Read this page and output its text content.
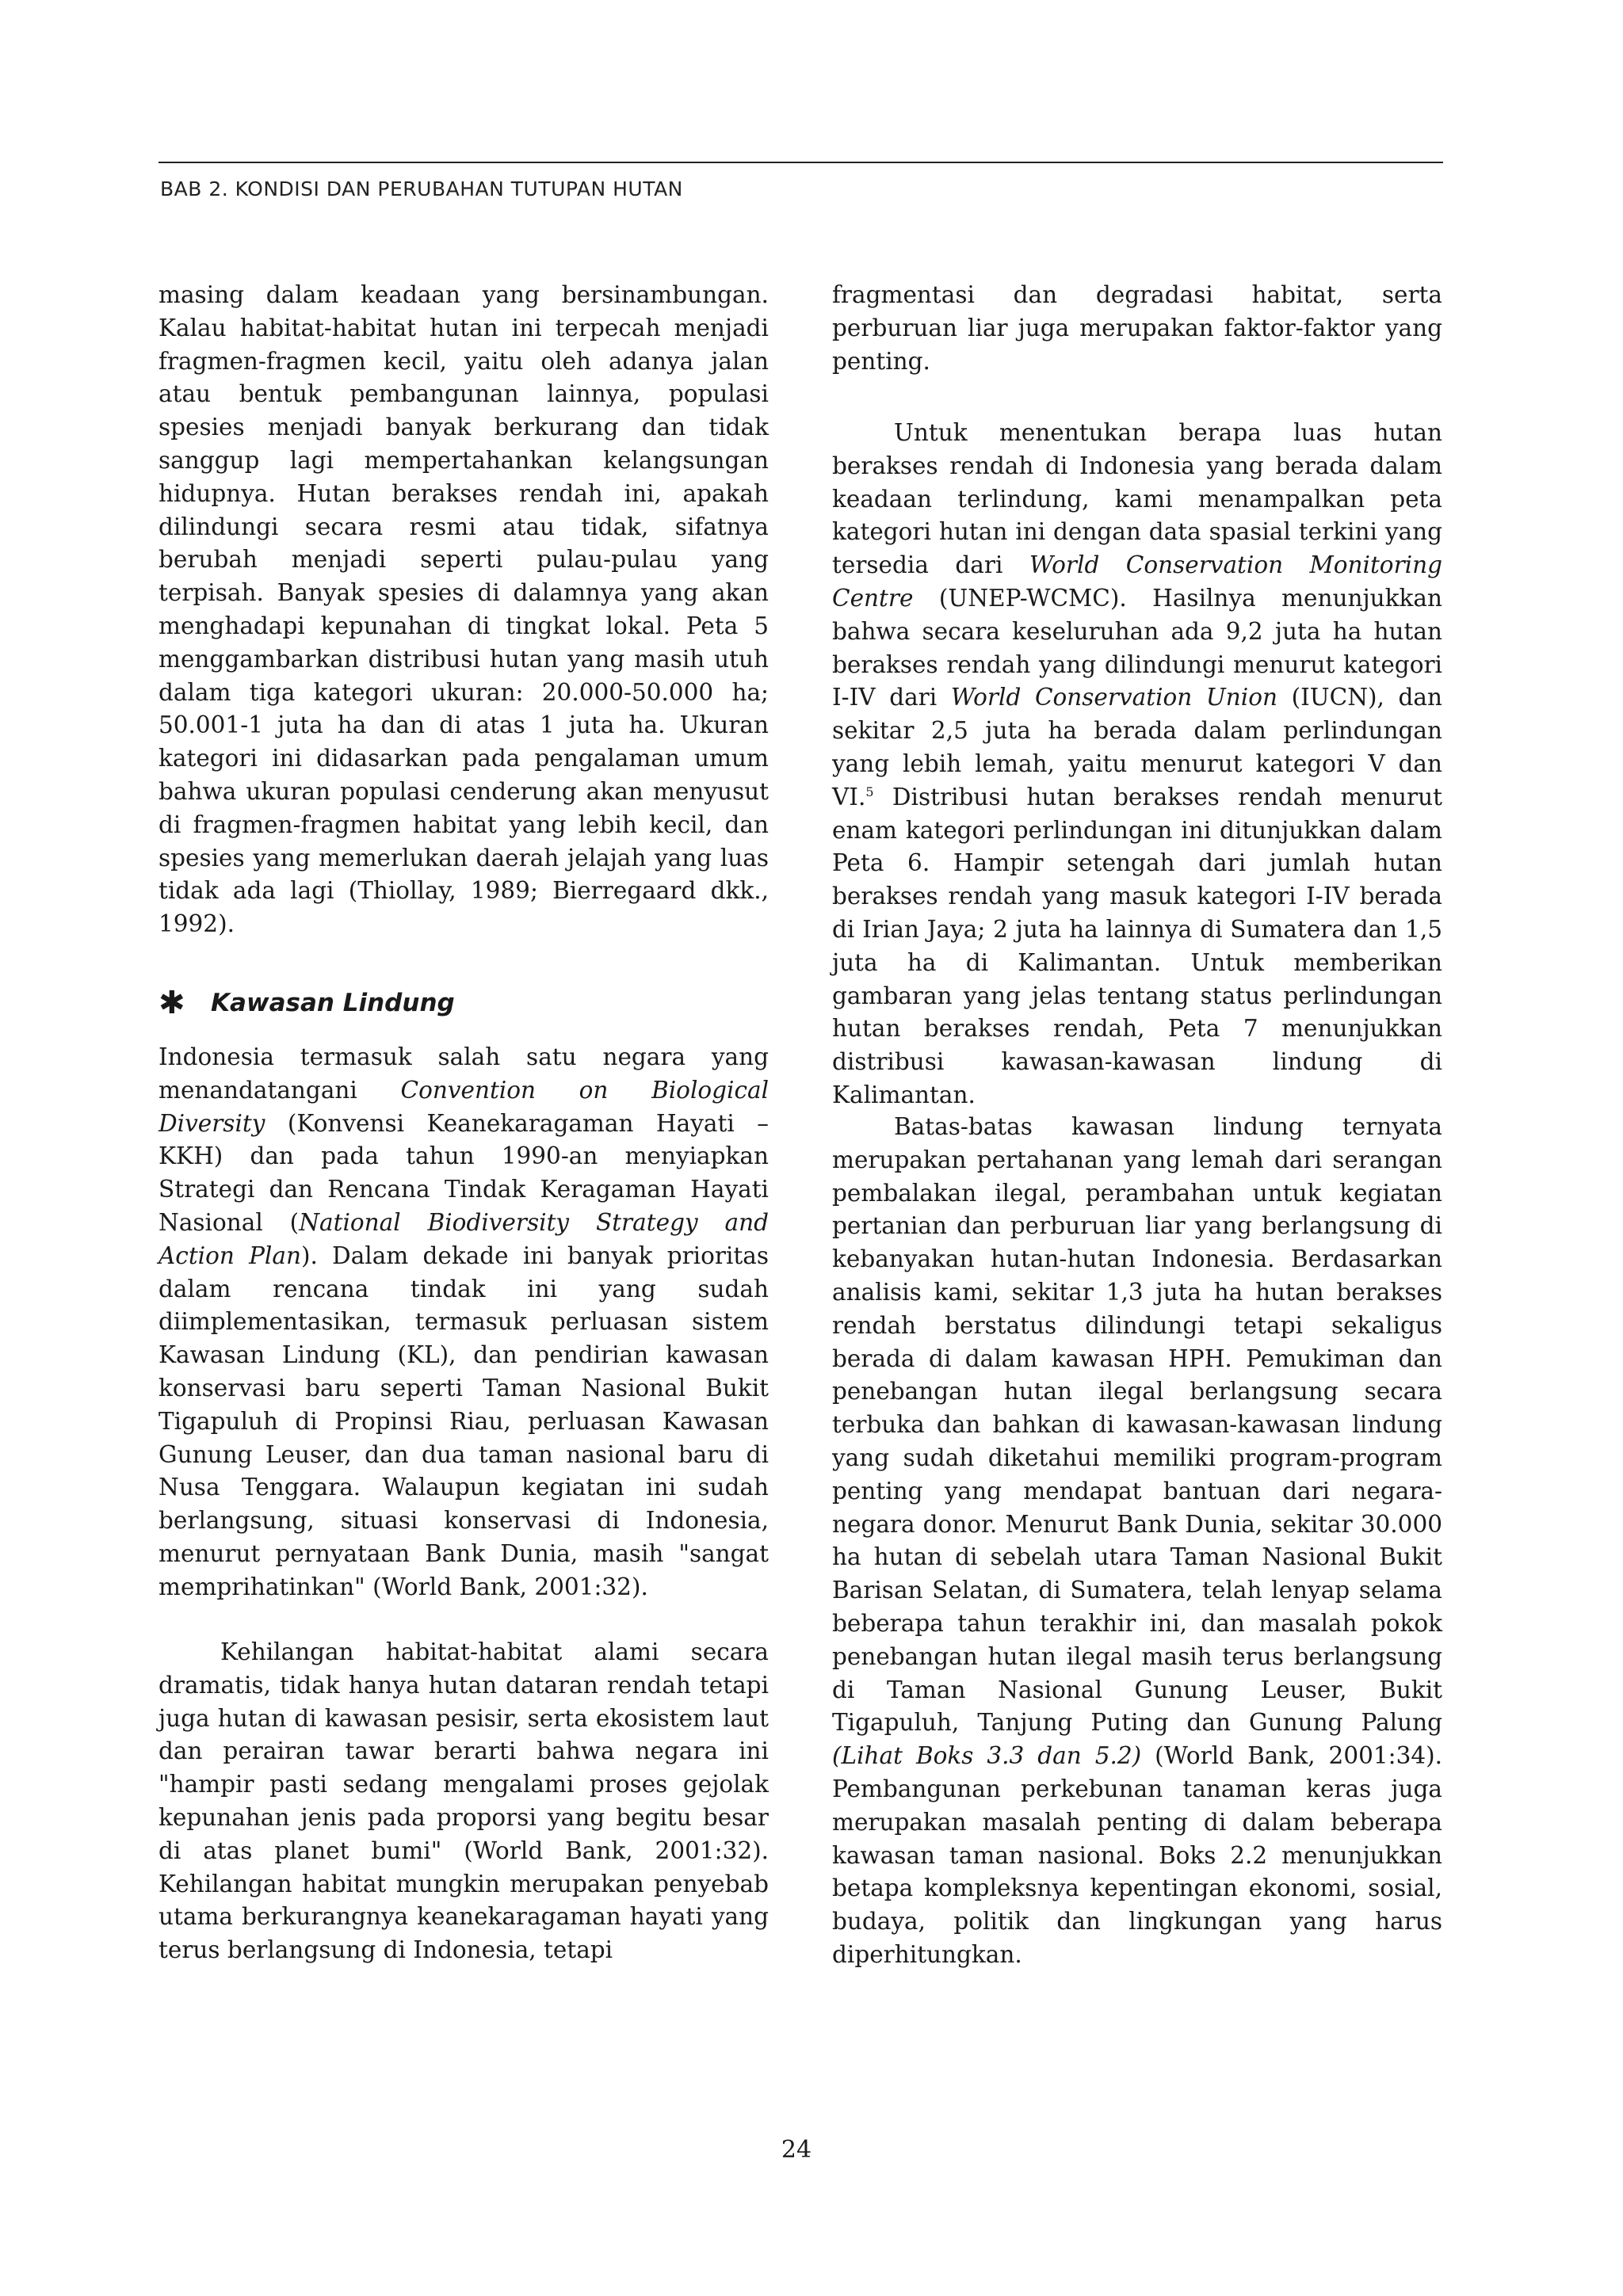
BAB 2. KONDISI DAN PERUBAHAN TUTUPAN HUTAN

masing dalam keadaan yang bersinambungan. Kalau habitat-habitat hutan ini terpecah menjadi fragmen-fragmen kecil, yaitu oleh adanya jalan atau bentuk pembangunan lainnya, populasi spesies menjadi banyak berkurang dan tidak sanggup lagi mempertahankan kelangsungan hidupnya. Hutan berakses rendah ini, apakah dilindungi secara resmi atau tidak, sifatnya berubah menjadi seperti pulau-pulau yang terpisah. Banyak spesies di dalamnya yang akan menghadapi kepunahan di tingkat lokal. Peta 5 menggambarkan distribusi hutan yang masih utuh dalam tiga kategori ukuran: 20.000-50.000 ha; 50.001-1 juta ha dan di atas 1 juta ha. Ukuran kategori ini didasarkan pada pengalaman umum bahwa ukuran populasi cenderung akan menyusut di fragmen-fragmen habitat yang lebih kecil, dan spesies yang memerlukan daerah jelajah yang luas tidak ada lagi (Thiollay, 1989; Bierregaard dkk., 1992).

✱	Kawasan Lindung

Indonesia termasuk salah satu negara yang menandatangani Convention on Biological Diversity (Konvensi Keanekaragaman Hayati – KKH) dan pada tahun 1990-an menyiapkan Strategi dan Rencana Tindak Keragaman Hayati Nasional (National Biodiversity Strategy and Action Plan). Dalam dekade ini banyak prioritas dalam rencana tindak ini yang sudah diimplementasikan, termasuk perluasan sistem Kawasan Lindung (KL), dan pendirian kawasan konservasi baru seperti Taman Nasional Bukit Tigapuluh di Propinsi Riau, perluasan Kawasan Gunung Leuser, dan dua taman nasional baru di Nusa Tenggara. Walaupun kegiatan ini sudah berlangsung, situasi konservasi di Indonesia, menurut pernyataan Bank Dunia, masih "sangat memprihatinkan" (World Bank, 2001:32).

Kehilangan habitat-habitat alami secara dramatis, tidak hanya hutan dataran rendah tetapi juga hutan di kawasan pesisir, serta ekosistem laut dan perairan tawar berarti bahwa negara ini "hampir pasti sedang mengalami proses gejolak kepunahan jenis pada proporsi yang begitu besar di atas planet bumi" (World Bank, 2001:32). Kehilangan habitat mungkin merupakan penyebab utama berkurangnya keanekaragaman hayati yang terus berlangsung di Indonesia, tetapi

fragmentasi dan degradasi habitat, serta perburuan liar juga merupakan faktor-faktor yang penting.

Untuk menentukan berapa luas hutan berakses rendah di Indonesia yang berada dalam keadaan terlindung, kami menampalkan peta kategori hutan ini dengan data spasial terkini yang tersedia dari World Conservation Monitoring Centre (UNEP-WCMC). Hasilnya menunjukkan bahwa secara keseluruhan ada 9,2 juta ha hutan berakses rendah yang dilindungi menurut kategori I-IV dari World Conservation Union (IUCN), dan sekitar 2,5 juta ha berada dalam perlindungan yang lebih lemah, yaitu menurut kategori V dan VI.$^5$ Distribusi hutan berakses rendah menurut enam kategori perlindungan ini ditunjukkan dalam Peta 6. Hampir setengah dari jumlah hutan berakses rendah yang masuk kategori I-IV berada di Irian Jaya; 2 juta ha lainnya di Sumatera dan 1,5 juta ha di Kalimantan. Untuk memberikan gambaran yang jelas tentang status perlindungan hutan berakses rendah, Peta 7 menunjukkan distribusi kawasan-kawasan lindung di Kalimantan.

Batas-batas kawasan lindung ternyata merupakan pertahanan yang lemah dari serangan pembalakan ilegal, perambahan untuk kegiatan pertanian dan perburuan liar yang berlangsung di kebanyakan hutan-hutan Indonesia. Berdasarkan analisis kami, sekitar 1,3 juta ha hutan berakses rendah berstatus dilindungi tetapi sekaligus berada di dalam kawasan HPH. Pemukiman dan penebangan hutan ilegal berlangsung secara terbuka dan bahkan di kawasan-kawasan lindung yang sudah diketahui memiliki program-program penting yang mendapat bantuan dari negara-negara donor. Menurut Bank Dunia, sekitar 30.000 ha hutan di sebelah utara Taman Nasional Bukit Barisan Selatan, di Sumatera, telah lenyap selama beberapa tahun terakhir ini, dan masalah pokok penebangan hutan ilegal masih terus berlangsung di Taman Nasional Gunung Leuser, Bukit Tigapuluh, Tanjung Puting dan Gunung Palung (Lihat Boks 3.3 dan 5.2) (World Bank, 2001:34). Pembangunan perkebunan tanaman keras juga merupakan masalah penting di dalam beberapa kawasan taman nasional. Boks 2.2 menunjukkan betapa kompleksnya kepentingan ekonomi, sosial, budaya, politik dan lingkungan yang harus diperhitungkan.

24
